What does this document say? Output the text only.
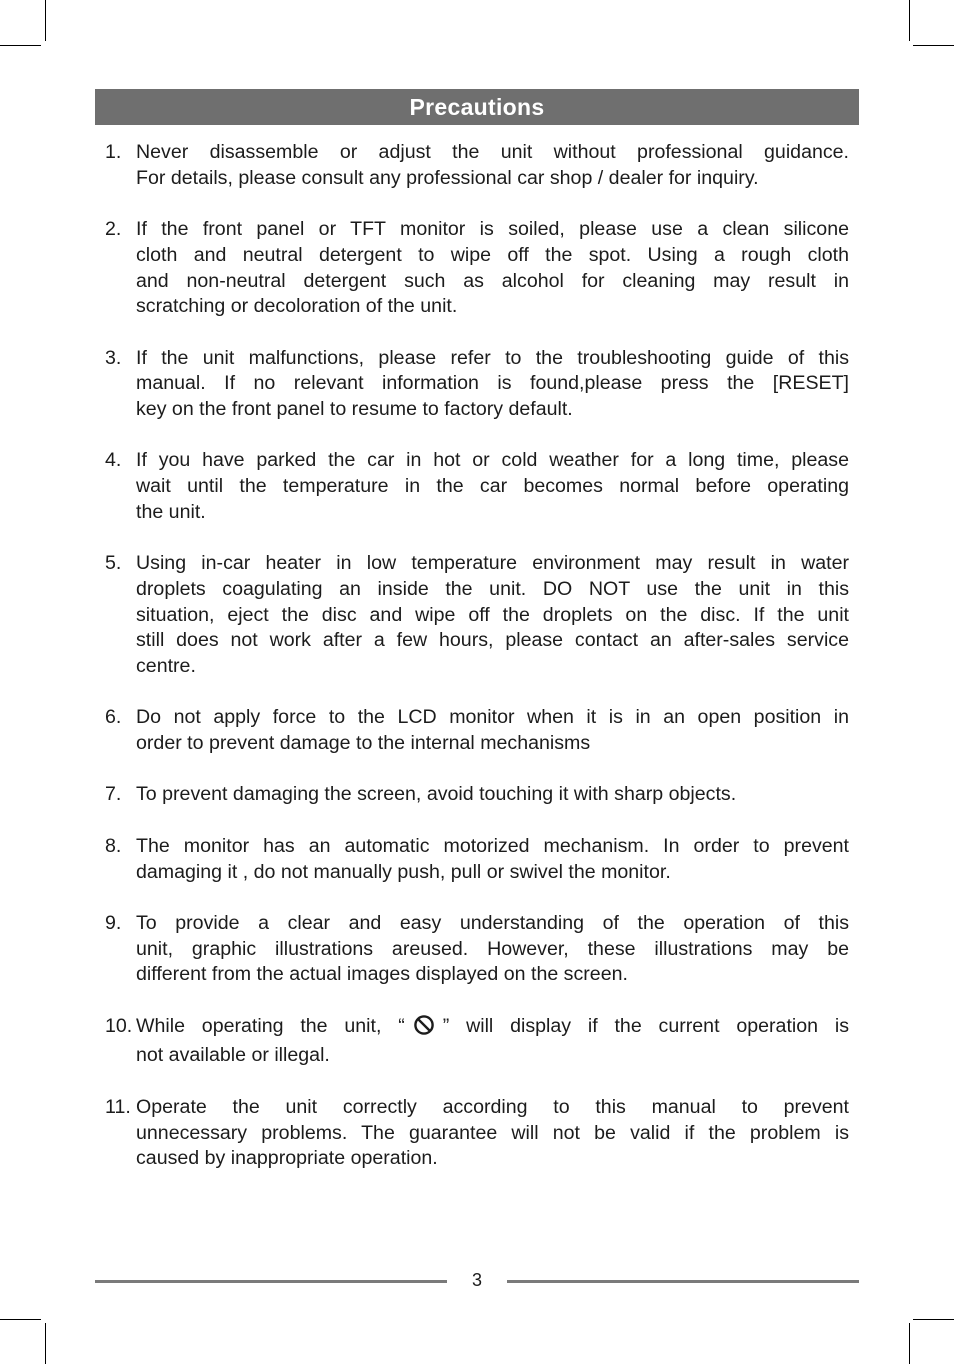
Precautions
1. Never disassemble or adjust the unit without professional guidance.
For details, please consult any professional car shop / dealer for inquiry.
2. If the front panel or TFT monitor is soiled, please use a clean silicone
cloth and neutral detergent to wipe off the spot. Using a rough cloth
and non-neutral detergent such as alcohol for cleaning may result in
scratching or decoloration of the unit.
3. If the unit malfunctions, please refer to the troubleshooting guide of this
manual. If no relevant information is found,please press the [RESET]
key on the front panel to resume to factory default.
4. If you have parked the car in hot or cold weather for a long time, please
wait until the temperature in the car becomes normal before operating
the unit.
5. Using in-car heater in low temperature environment may result in water
droplets coagulating an inside the unit. DO NOT use the unit in this
situation, eject the disc and wipe off the droplets on the disc. If the unit
still does not work after a few hours, please contact an after-sales service
centre.
6. Do not apply force to the LCD monitor when it is in an open position in
order to prevent damage to the internal mechanisms
7. To prevent damaging the screen, avoid touching it with sharp objects.
8. The monitor has an automatic motorized mechanism. In order to prevent
damaging it , do not manually push, pull or swivel the monitor.
9. To provide a clear and easy understanding of the operation of this
unit, graphic illustrations areused. However, these illustrations may be
different from the actual images displayed on the screen.
10. While operating the unit, “ ” will display if the current operation is
not available or illegal.
11. Operate the unit correctly according to this manual to prevent
unnecessary problems. The guarantee will not be valid if the problem is
caused by inappropriate operation.
3
